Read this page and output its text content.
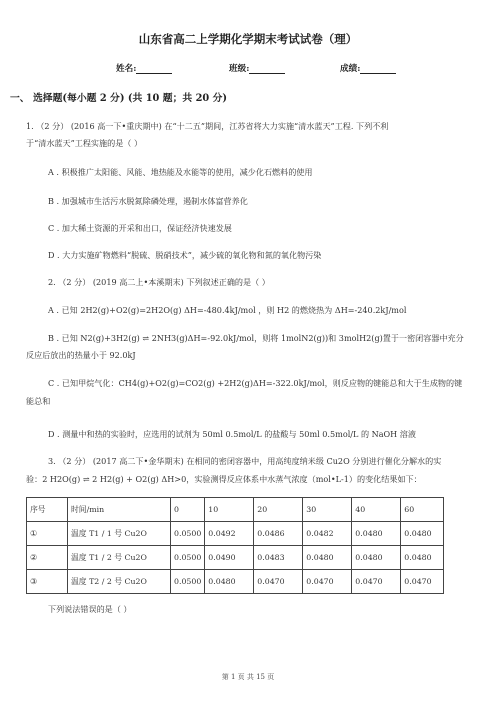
山东省高二上学期化学期末考试试卷（理）
姓名:	班级:	成绩:
一、 选择题(每小题 2 分) (共 10 题；共 20 分)
1. （2 分） (2016 高一下•重庆期中) 在“十二五”期间，江苏省将大力实施“清水蓝天”工程. 下列不利
于“清水蓝天”工程实施的是（ ）
A . 积极推广太阳能、风能、地热能及水能等的使用，减少化石燃料的使用
B . 加强城市生活污水脱氮除磷处理，遏制水体富营养化
C . 加大稀土资源的开采和出口，保证经济快速发展
D . 大力实施矿物燃料“脱硫、脱硝技术”，减少硫的氧化物和氮的氧化物污染
2. （2 分） (2019 高二上•本溪期末) 下列叙述正确的是（ ）
A . 已知 2H2(g)+O2(g)=2H2O(g) ΔH=-480.4kJ/mol ，则 H2 的燃烧热为 ΔH=-240.2kJ/mol
B . 已知 N2(g)+3H2(g) ⇌ 2NH3(g)ΔH=-92.0kJ/mol，则将 1molN2(g))和 3molH2(g)置于一密闭容器中充分
反应后放出的热量小于 92.0kJ
C . 已知甲烷气化：CH4(g)+O2(g)=CO2(g) +2H2(g)ΔH=-322.0kJ/mol，则反应物的键能总和大于生成物的键
能总和
D . 测量中和热的实验时，应选用的试剂为 50ml 0.5mol/L 的盐酸与 50ml 0.5mol/L 的 NaOH 溶液
3. （2 分） (2017 高二下•金华期末) 在相同的密闭容器中，用高纯度纳米级 Cu2O 分别进行催化分解水的实
验：2 H2O(g) ⇌ 2 H2(g) + O2(g) ΔH>0，实验测得反应体系中水蒸气浓度（mol•L-1）的变化结果如下：
序号	时间/min	0	10	20	30	40	60
①	温度 T1 / 1 号 Cu2O	0.0500	0.0492	0.0486	0.0482	0.0480	0.0480
②	温度 T1 / 2 号 Cu2O	0.0500	0.0490	0.0483	0.0480	0.0480	0.0480
③	温度 T2 / 2 号 Cu2O	0.0500	0.0480	0.0470	0.0470	0.0470	0.0470
下列说法错误的是（ ）
第 1 页 共 15 页
